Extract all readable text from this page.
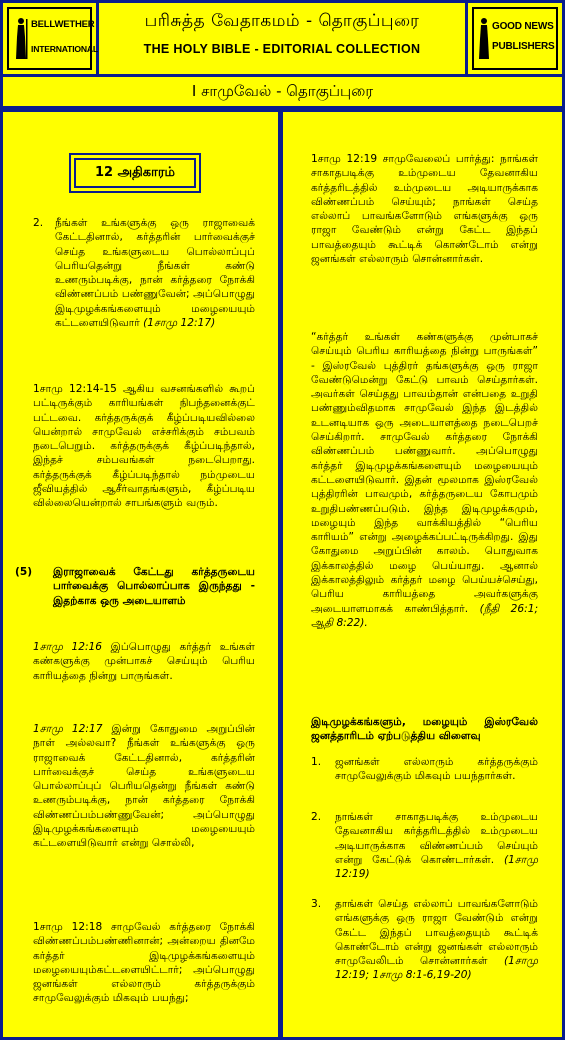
BELLWETHER
INTERNATIONAL
பரிசுத்த வேதாகமம் - தொகுப்புரை
THE HOLY BIBLE - EDITORIAL COLLECTION
GOOD NEWS
PUBLISHERS
I சாமுவேல் - தொகுப்புரை
12 அதிகாரம்
2.	நீங்கள் உங்களுக்கு ஒரு ராஜாவைக் கேட்டதினால், கர்த்தரின் பார்வைக்குச் செய்த உங்களுடைய பொல்லாப்புப் பெரியதென்று நீங்கள் கண்டு உணரும்படிக்கு, நான் கர்த்தரை நோக்கி விண்ணப்பம் பண்ணுவேன்; அப்பொழுது இடிமுழக்கங்களையும் மழையையும் கட்டளையிடுவார் (1சாமு 12:17)
1சாமு 12:14-15 ஆகிய வசனங்களில் கூறப் பட்டிருக்கும் காரியங்கள் நிபந்தனைக்குட் பட்டவை. கர்த்தருக்குக் கீழ்ப்படியவில்லை யென்றால் சாமுவேல் எச்சரிக்கும் சம்பவம் நடைபெறும். கர்த்தருக்குக் கீழ்ப்படிந்தால், இந்தச் சம்பவங்கள் நடைபெறாது. கர்த்தருக்குக் கீழ்ப்படிந்தால் நம்முடைய ஜீவியத்தில் ஆசீர்வாதங்களும், கீழ்ப்படிய வில்லையென்றால் சாபங்களும் வரும்.
(5) இராஜாவைக் கேட்டது கர்த்தருடைய பார்வைக்கு பொல்லாப்பாக இருந்தது - இதற்காக ஒரு அடையாளம்
1சாமு 12:16 இப்பொழுது கர்த்தர் உங்கள் கண்களுக்கு முன்பாகச் செய்யும் பெரிய காரியத்தை நின்று பாருங்கள்.
1சாமு 12:17 இன்று கோதுமை அறுப்பின் நாள் அல்லவா? நீங்கள் உங்களுக்கு ஒரு ராஜாவைக் கேட்டதினால், கர்த்தரின் பார்வைக்குச் செய்த உங்களுடைய பொல்லாப்புப் பெரியதென்று நீங்கள் கண்டு உணரும்படிக்கு, நான் கர்த்தரை நோக்கி விண்ணப்பம்பண்ணுவேன்; அப்பொழுது இடிமுழக்கங்களையும் மழையையும் கட்டளையிடுவார் என்று சொல்லி,
1சாமு 12:18 சாமுவேல் கர்த்தரை நோக்கி விண்ணப்பம்பண்ணினான்; அன்றைய தினமே கர்த்தர் இடிமுழக்கங்களையும் மழையையும்கட்டளையிட்டார்; அப்பொழுது ஜனங்கள் எல்லாரும் கர்த்தருக்கும் சாமுவேலுக்கும் மிகவும் பயந்து;
1சாமு 12:19 சாமுவேலைப் பார்த்து: நாங்கள் சாகாதபடிக்கு உம்முடைய தேவனாகிய கர்த்தரிடத்தில் உம்முடைய அடியாருக்காக விண்ணப்பம் செய்யும்; நாங்கள் செய்த எல்லாப் பாவங்களோடும் எங்களுக்கு ஒரு ராஜா வேண்டும் என்று கேட்ட இந்தப் பாவத்தையும் கூட்டிக் கொண்டோம் என்று ஜனங்கள் எல்லாரும் சொன்னார்கள்.
“கர்த்தர் உங்கள் கண்களுக்கு முன்பாகச் செய்யும் பெரிய காரியத்தை நின்று பாருங்கள்” - இஸ்ரவேல் புத்திரர் தங்களுக்கு ஒரு ராஜா வேண்டுமென்று கேட்டு பாவம் செய்தார்கள். அவர்கள் செய்தது பாவம்தான் என்பதை உறுதி பண்ணும்விதமாக சாமுவேல் இந்த இடத்தில் உடனடியாக ஒரு அடையாளத்தை நடைபெறச் செய்கிறார். சாமுவேல் கர்த்தரை நோக்கி விண்ணப்பம் பண்ணுவார். அப்பொழுது கர்த்தர் இடிமுழக்கங்களையும் மழையையும் கட்டளையிடுவார். இதன் மூலமாக இஸ்ரவேல் புத்திரரின் பாவமும், கர்த்தருடைய கோபமும் உறுதிபண்ணப்படும். இந்த இடிமுழக்கமும், மழையும் இந்த வாக்கியத்தில் “பெரிய காரியம்” என்று அழைக்கப்பட்டிருக்கிறது. இது கோதுமை அறுப்பின் காலம். பொதுவாக இக்காலத்தில் மழை பெய்யாது. ஆனால் இக்காலத்திலும் கர்த்தர் மழை பெய்யச்செய்து, பெரிய காரியத்தை அவர்களுக்கு அடையாளமாகக் காண்பித்தார். (நீதி 26:1; ஆதி 8:22).
இடிமுழக்கங்களும், மழையும் இஸ்ரவேல் ஜனத்தாரிடம் ஏற்படுத்திய விளைவு
1.	ஜனங்கள் எல்லாரும் கர்த்தருக்கும் சாமுவேலுக்கும் மிகவும் பயந்தார்கள்.
2.	நாங்கள் சாகாதபடிக்கு உம்முடைய தேவனாகிய கர்த்தரிடத்தில் உம்முடைய அடியாருக்காக விண்ணப்பம் செய்யும் என்று கேட்டுக் கொண்டார்கள். (1சாமு 12:19)
3.	தாங்கள் செய்த எல்லாப் பாவங்களோடும் எங்களுக்கு ஒரு ராஜா வேண்டும் என்று கேட்ட இந்தப் பாவத்தையும் கூட்டிக் கொண்டோம் என்று ஜனங்கள் எல்லாரும் சாமுவேலிடம் சொன்னார்கள் (1சாமு 12:19; 1சாமு 8:1-6,19-20)
